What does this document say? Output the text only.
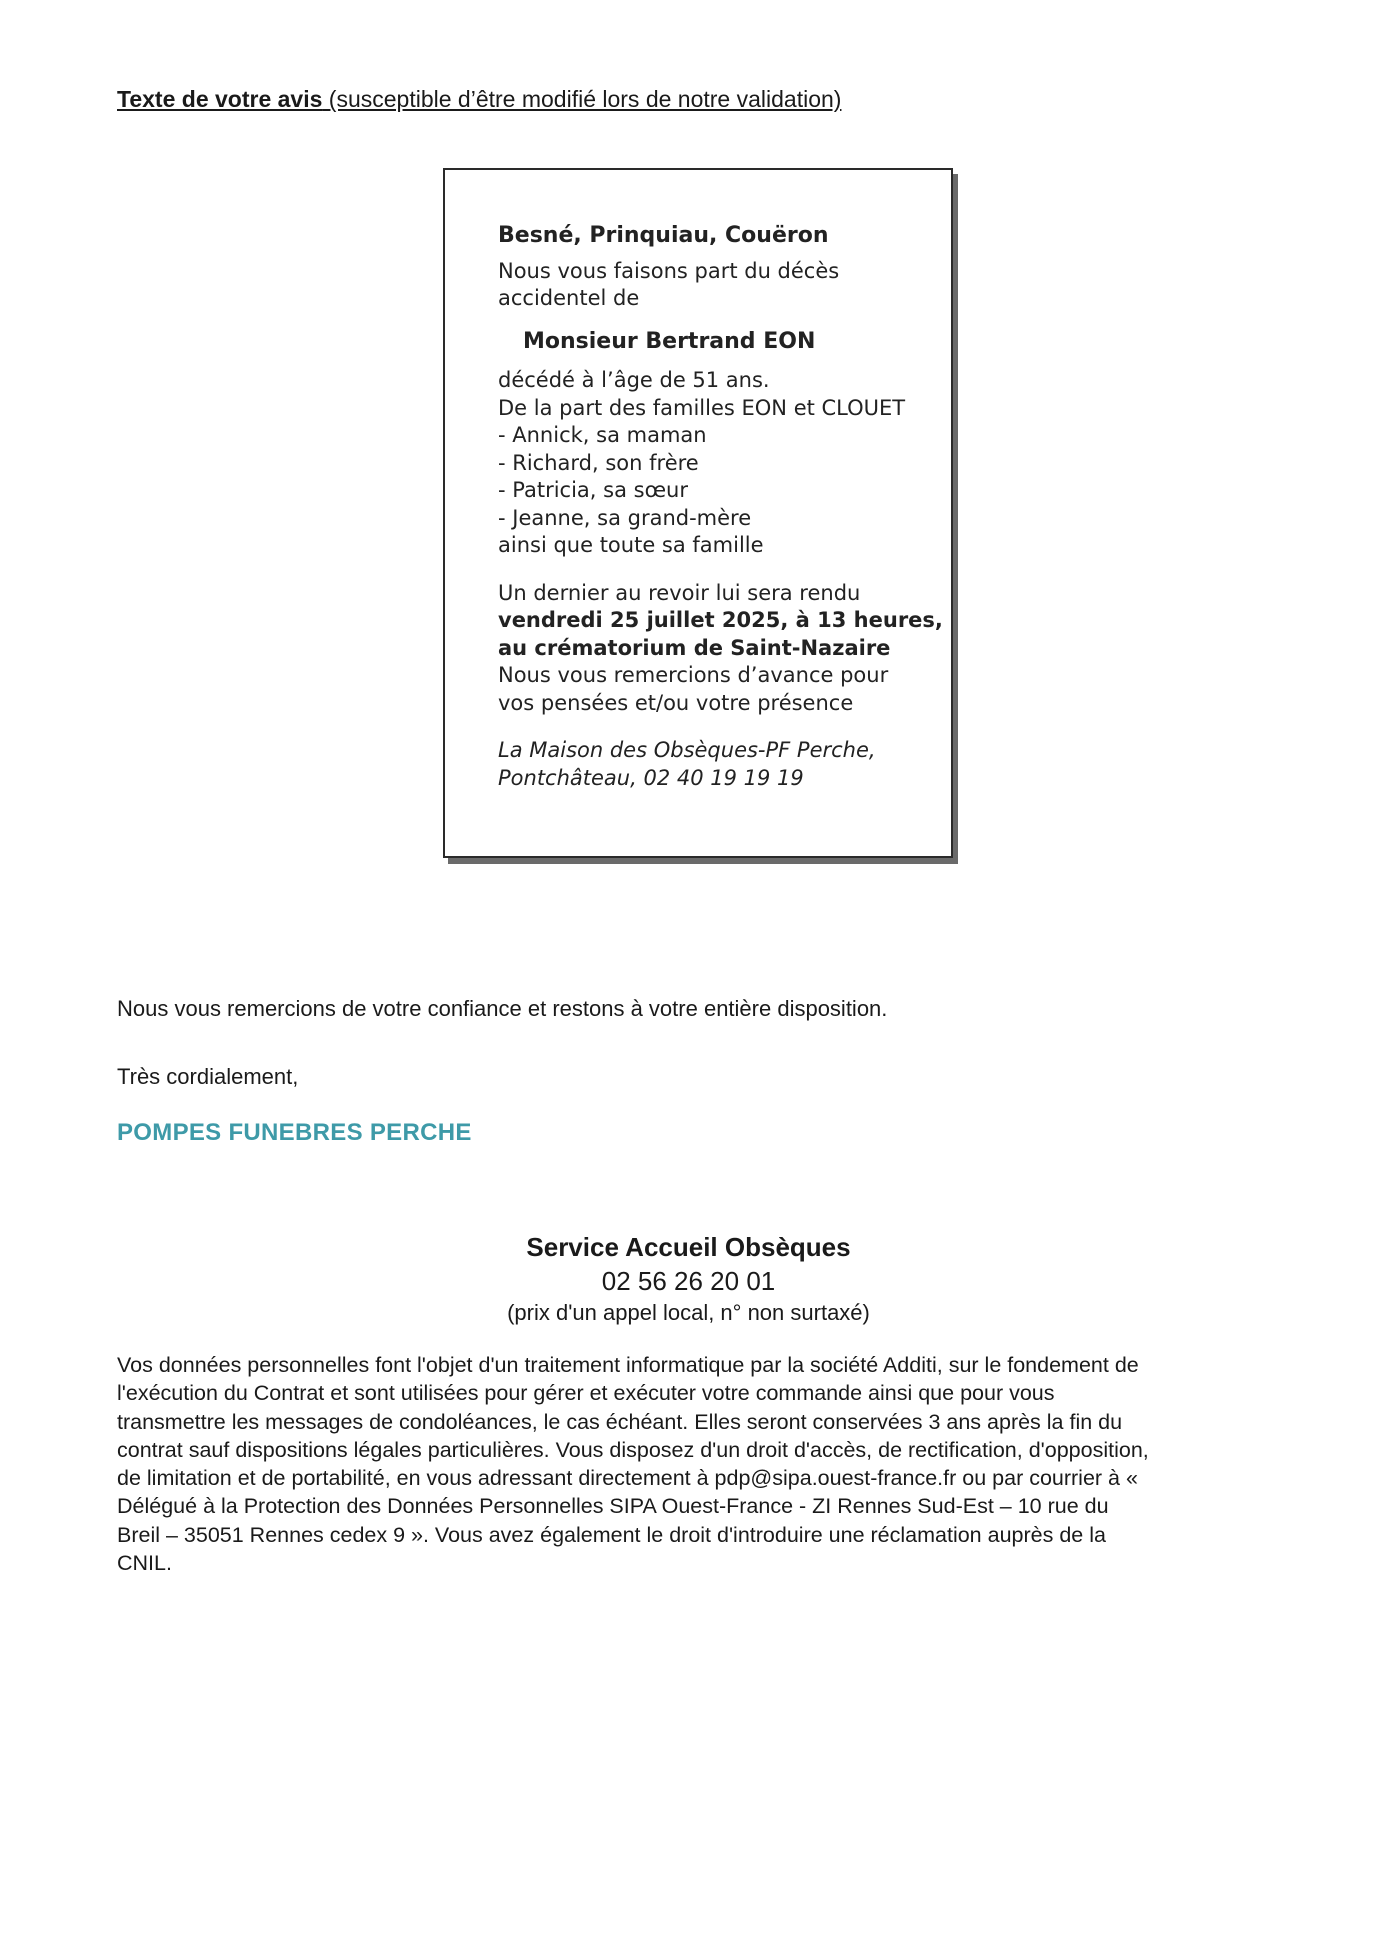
Texte de votre avis (susceptible d’être modifié lors de notre validation)
Besné, Prinquiau, Couëron
Nous vous faisons part du décès
accidentel de
Monsieur Bertrand EON
décédé à l’âge de 51 ans.
De la part des familles EON et CLOUET
- Annick, sa maman
- Richard, son frère
- Patricia, sa sœur
- Jeanne, sa grand-mère
ainsi que toute sa famille
Un dernier au revoir lui sera rendu
vendredi 25 juillet 2025, à 13 heures,
au crématorium de Saint-Nazaire
Nous vous remercions d’avance pour
vos pensées et/ou votre présence
La Maison des Obsèques-PF Perche,
Pontchâteau, 02 40 19 19 19
Nous vous remercions de votre confiance et restons à votre entière disposition.
Très cordialement,
POMPES FUNEBRES PERCHE
Service Accueil Obsèques
02 56 26 20 01
(prix d'un appel local, n° non surtaxé)
Vos données personnelles font l'objet d'un traitement informatique par la société Additi, sur le fondement de
l'exécution du Contrat et sont utilisées pour gérer et exécuter votre commande ainsi que pour vous
transmettre les messages de condoléances, le cas échéant. Elles seront conservées 3 ans après la fin du
contrat sauf dispositions légales particulières. Vous disposez d'un droit d'accès, de rectification, d'opposition,
de limitation et de portabilité, en vous adressant directement à pdp@sipa.ouest-france.fr ou par courrier à «
Délégué à la Protection des Données Personnelles SIPA Ouest-France - ZI Rennes Sud-Est – 10 rue du
Breil – 35051 Rennes cedex 9 ». Vous avez également le droit d'introduire une réclamation auprès de la
CNIL.
